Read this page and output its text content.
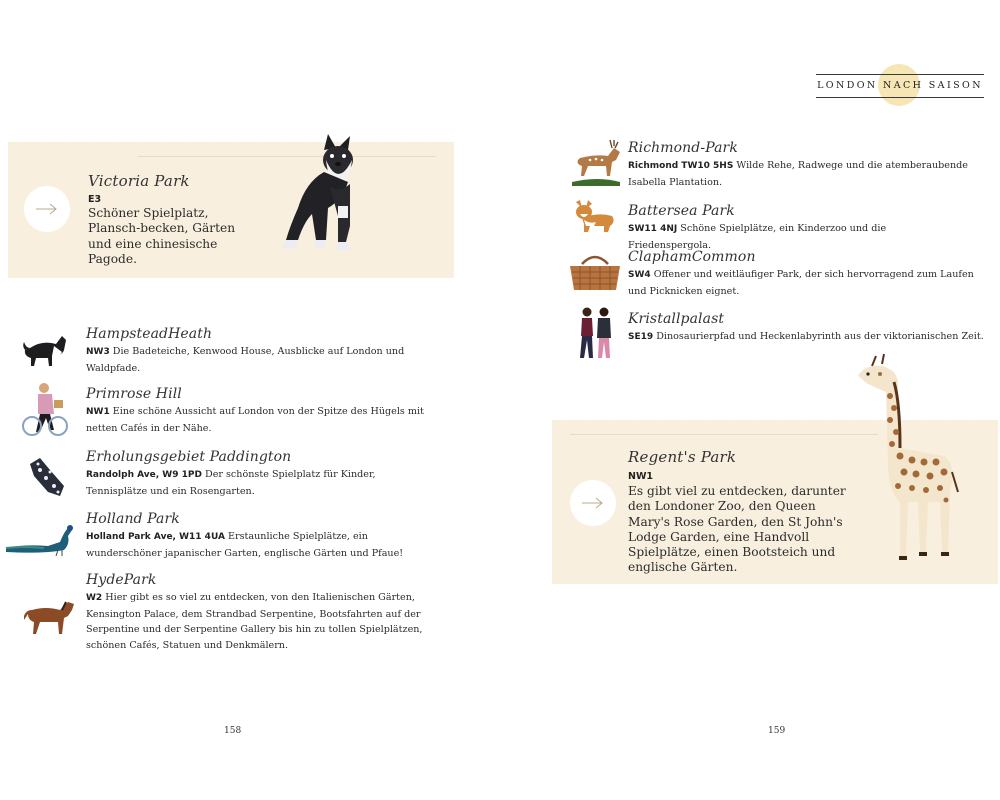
Victoria Park
E3
Schöner Spielplatz, Plansch-becken, Gärten und eine chinesische Pagode.
HampsteadHeath
NW3 Die Badeteiche, Kenwood House, Ausblicke auf London und Waldpfade.
Primrose Hill
NW1 Eine schöne Aussicht auf London von der Spitze des Hügels mit netten Cafés in der Nähe.
Erholungsgebiet Paddington
Randolph Ave, W9 1PD Der schönste Spielplatz für Kinder, Tennisplätze und ein Rosengarten.
Holland Park
Holland Park Ave, W11 4UA Erstaunliche Spielplätze, ein wunderschöner japanischer Garten, englische Gärten und Pfaue!
HydePark
W2 Hier gibt es so viel zu entdecken, von den Italienischen Gärten, Kensington Palace, dem Strandbad Serpentine, Bootsfahrten auf der Serpentine und der Serpentine Gallery bis hin zu tollen Spielplätzen, schönen Cafés, Statuen und Denkmälern.
158
LONDON NACH SAISON
Richmond-Park
Richmond TW10 5HS Wilde Rehe, Radwege und die atemberaubende Isabella Plantation.
Battersea Park
SW11 4NJ Schöne Spielplätze, ein Kinderzoo und die Friedenspergola.
ClaphamCommon
SW4 Offener und weitläufiger Park, der sich hervorragend zum Laufen und Picknicken eignet.
Kristallpalast
SE19 Dinosaurierpfad und Heckenlabyrinth aus der viktorianischen Zeit.
Regent's Park
NW1
Es gibt viel zu entdecken, darunter den Londoner Zoo, den Queen Mary's Rose Garden, den St John's Lodge Garden, eine Handvoll Spielplätze, einen Bootsteich und englische Gärten.
159
